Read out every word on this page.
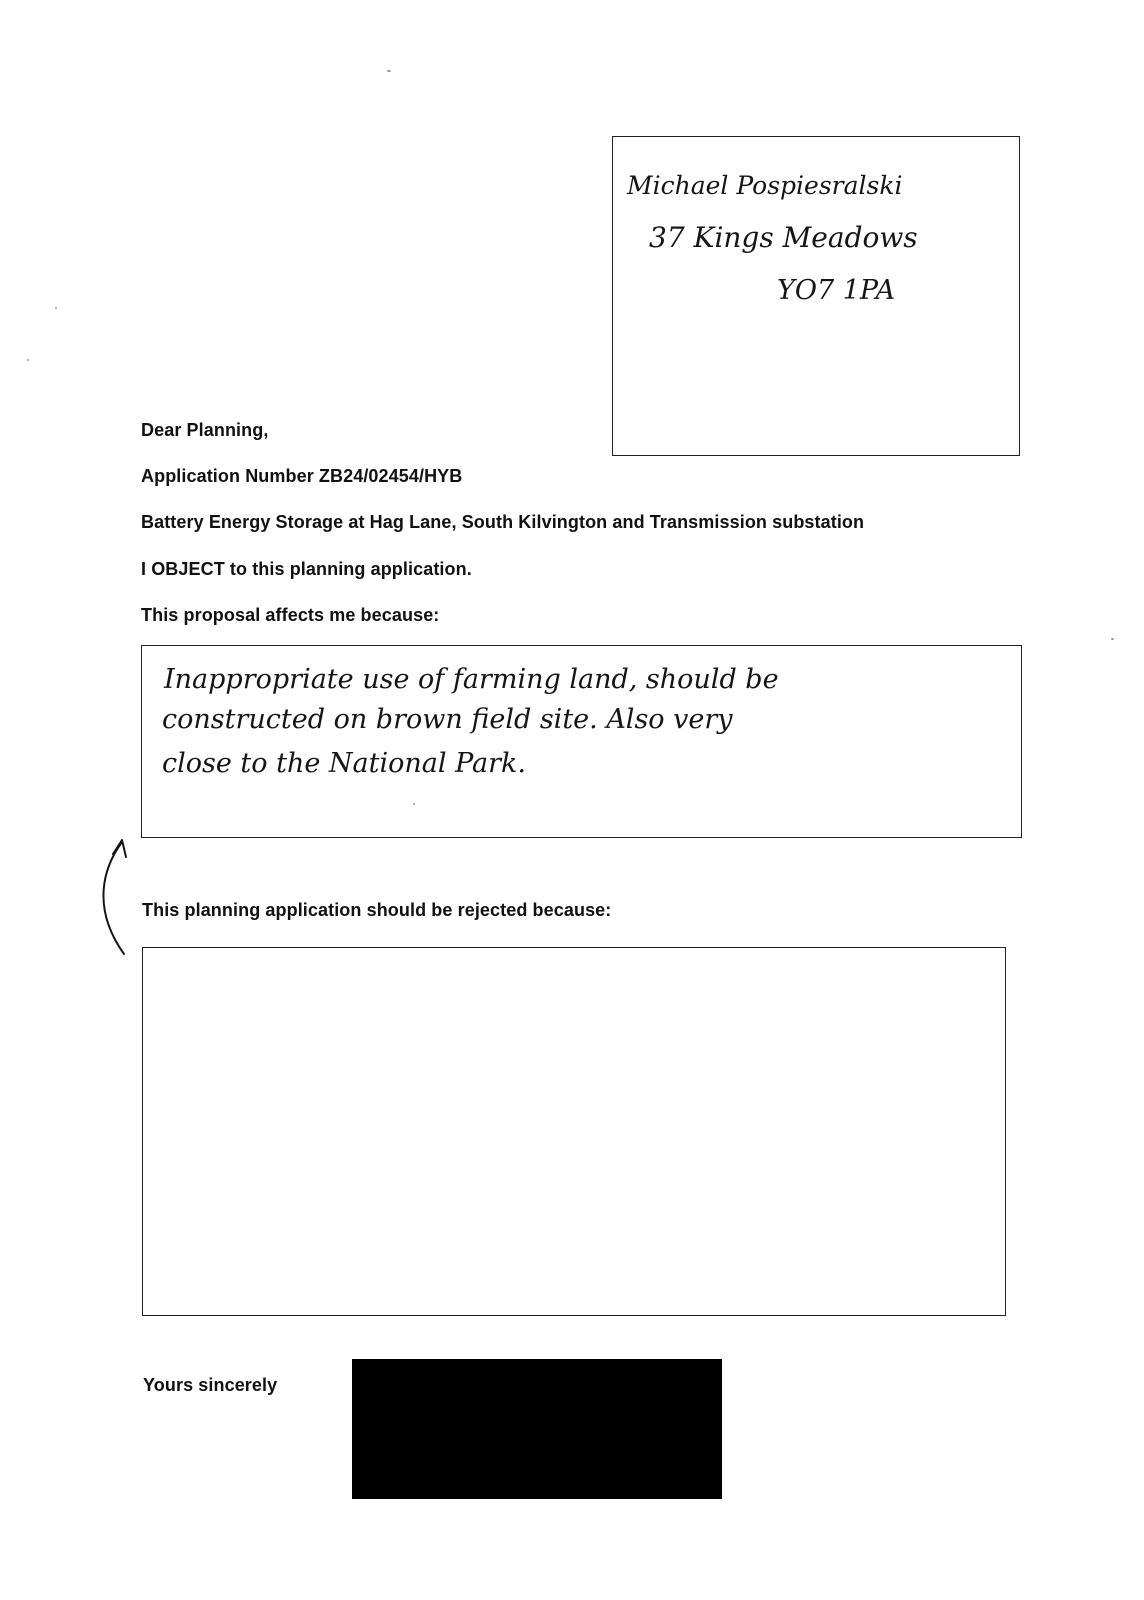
Michael Pospiesralski
37 Kings Meadows
YO7 1PA
Dear Planning,
Application Number ZB24/02454/HYB
Battery Energy Storage at Hag Lane, South Kilvington and Transmission substation
I OBJECT to this planning application.
This proposal affects me because:
Inappropriate use of farming land, should be
constructed on brown field site. Also very
close to the National Park.
This planning application should be rejected because:
Yours sincerely
